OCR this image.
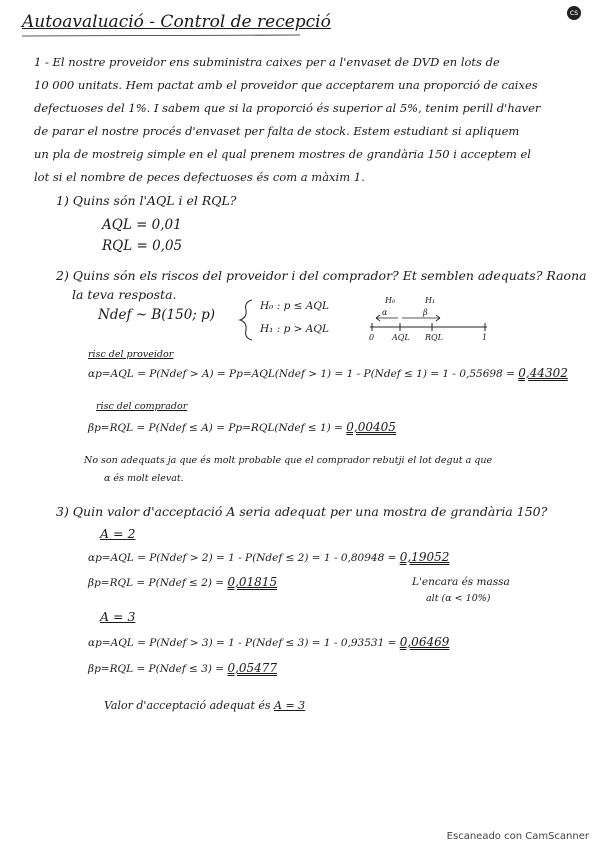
cs
Autoavaluació - Control de recepció
1 - El nostre proveidor ens subministra caixes per a l'envaset de DVD en lots de
10 000 unitats. Hem pactat amb el proveidor que acceptarem una proporció de caixes
defectuoses del 1%. I sabem que si la proporció és superior al 5%, tenim perill d'haver
de parar el nostre procés d'envaset per falta de stock. Estem estudiant si apliquem
un pla de mostreig simple en el qual prenem mostres de grandària 150 i acceptem el
lot si el nombre de peces defectuoses és com a màxim 1.
1) Quins són l'AQL i el RQL?
AQL = 0,01
RQL = 0,05
2) Quins són els riscos del proveidor i del comprador? Et semblen adequats? Raona
la teva resposta.
Ndef ~ B(150; p)
H₀ : p ≤ AQL
H₁ : p > AQL
H₀	H₁
α	β
0 AQL RQL	1
risc del proveidor
αp=AQL = P(Ndef > A) = Pp=AQL(Ndef > 1) = 1 - P(Ndef ≤ 1) = 1 - 0,55698 = 0,44302
risc del comprador
βp=RQL = P(Ndef ≤ A) = Pp=RQL(Ndef ≤ 1) = 0,00405
No son adequats ja que és molt probable que el comprador rebutji el lot degut a que
α és molt elevat.
3) Quin valor d'acceptació A seria adequat per una mostra de grandària 150?
A = 2
αp=AQL = P(Ndef > 2) = 1 - P(Ndef ≤ 2) = 1 - 0,80948 = 0,19052
βp=RQL = P(Ndef ≤ 2) = 0,01815	L'encara és massa
alt (α < 10%)
A = 3
αp=AQL = P(Ndef > 3) = 1 - P(Ndef ≤ 3) = 1 - 0,93531 = 0,06469
βp=RQL = P(Ndef ≤ 3) = 0,05477
Valor d'acceptació adequat és A = 3
Escaneado con CamScanner
